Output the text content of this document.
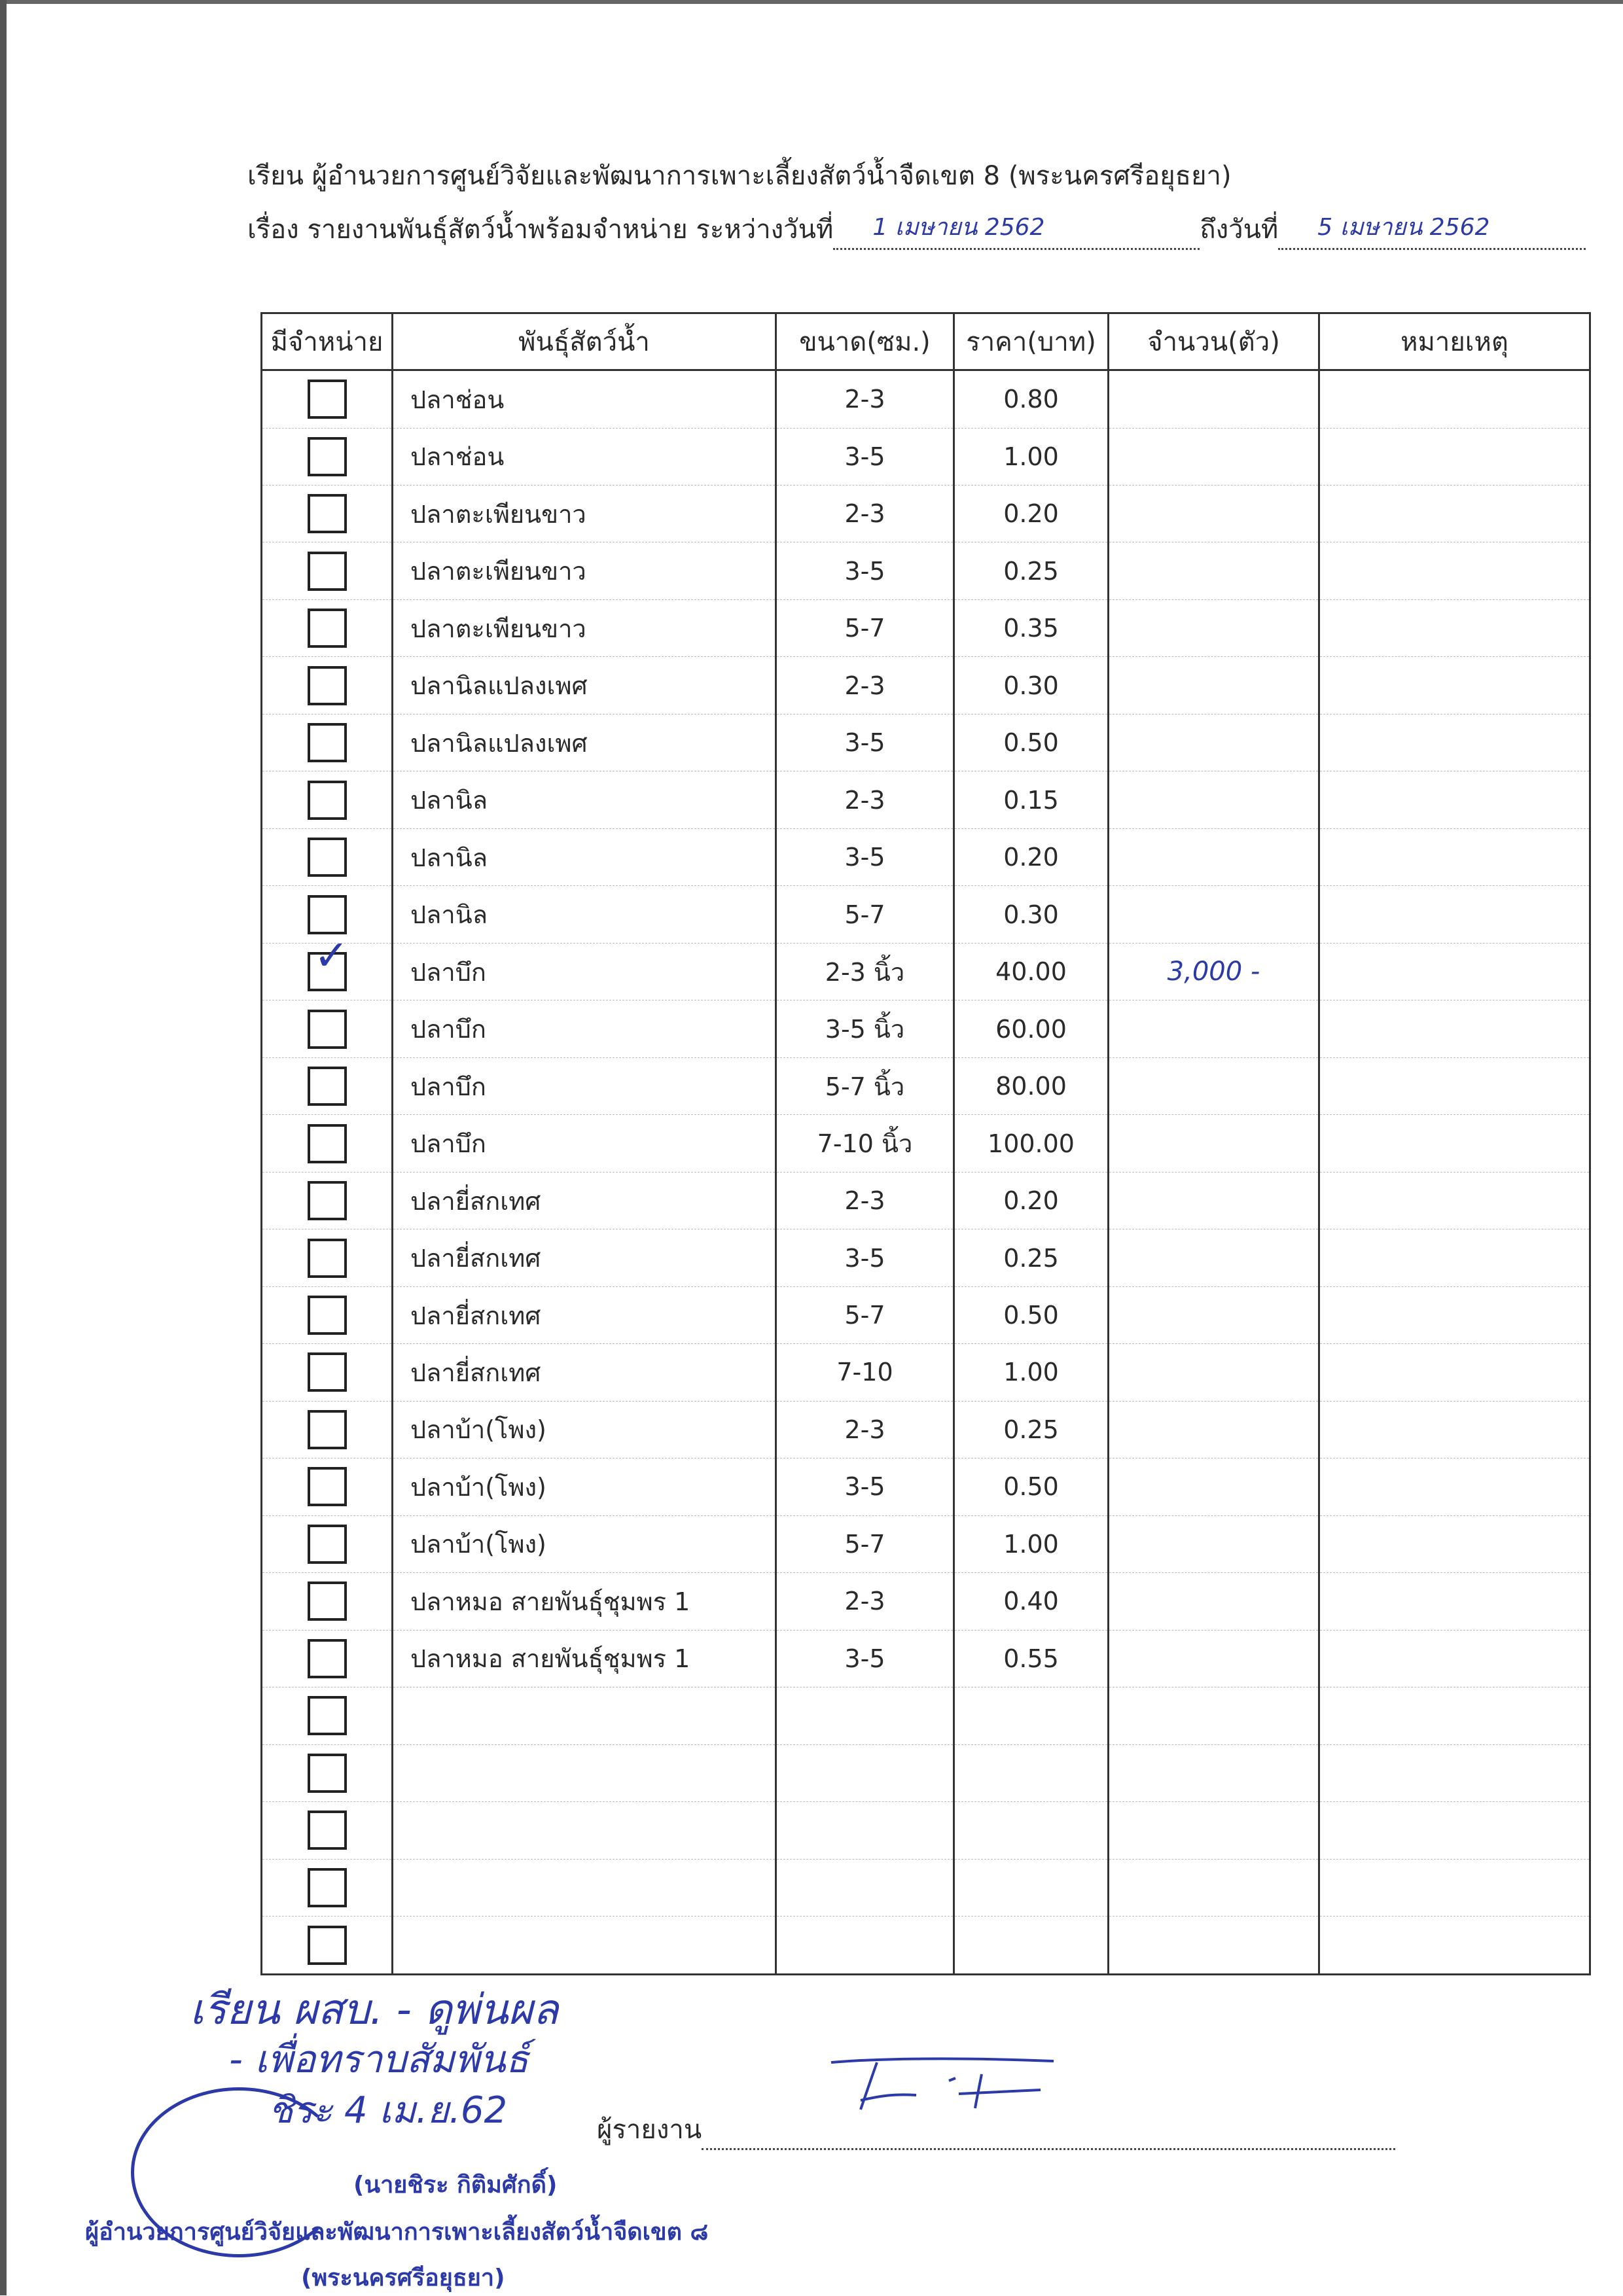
เรียน ผู้อำนวยการศูนย์วิจัยและพัฒนาการเพาะเลี้ยงสัตว์น้ำจืดเขต 8 (พระนครศรีอยุธยา)
เรื่อง รายงานพันธุ์สัตว์น้ำพร้อมจำหน่าย ระหว่างวันที่ 1 เมษายน 2562	ถึงวันที่ 5 เมษายน 2562
มีจำหน่าย	พันธุ์สัตว์น้ำ	ขนาด(ซม.)	ราคา(บาท)	จำนวน(ตัว)	หมายเหตุ
	ปลาช่อน	2-3	0.80		
	ปลาช่อน	3-5	1.00		
	ปลาตะเพียนขาว	2-3	0.20		
	ปลาตะเพียนขาว	3-5	0.25		
	ปลาตะเพียนขาว	5-7	0.35		
	ปลานิลแปลงเพศ	2-3	0.30		
	ปลานิลแปลงเพศ	3-5	0.50		
	ปลานิล	2-3	0.15		
	ปลานิล	3-5	0.20		
	ปลานิล	5-7	0.30		

✓	ปลาบึก	2-3 นิ้ว	40.00	3,000 -	
	ปลาบึก	3-5 นิ้ว	60.00		
	ปลาบึก	5-7 นิ้ว	80.00		
	ปลาบึก	7-10 นิ้ว	100.00		
	ปลายี่สกเทศ	2-3	0.20		
	ปลายี่สกเทศ	3-5	0.25		
	ปลายี่สกเทศ	5-7	0.50		
	ปลายี่สกเทศ	7-10	1.00		
	ปลาบ้า(โพง)	2-3	0.25		
	ปลาบ้า(โพง)	3-5	0.50		
	ปลาบ้า(โพง)	5-7	1.00		
	ปลาหมอ สายพันธุ์ชุมพร 1	2-3	0.40		
	ปลาหมอ สายพันธุ์ชุมพร 1	3-5	0.55		

เรียน ผสบ. - ดูพ่นผล
- เพื่อทราบสัมพันธ์
ชิระ 4 เม.ย.62
(นายชิระ กิติมศักดิ์)
ผู้อำนวยการศูนย์วิจัยและพัฒนาการเพาะเลี้ยงสัตว์น้ำจืดเขต ๘
(พระนครศรีอยุธยา)
ผู้รายงาน
